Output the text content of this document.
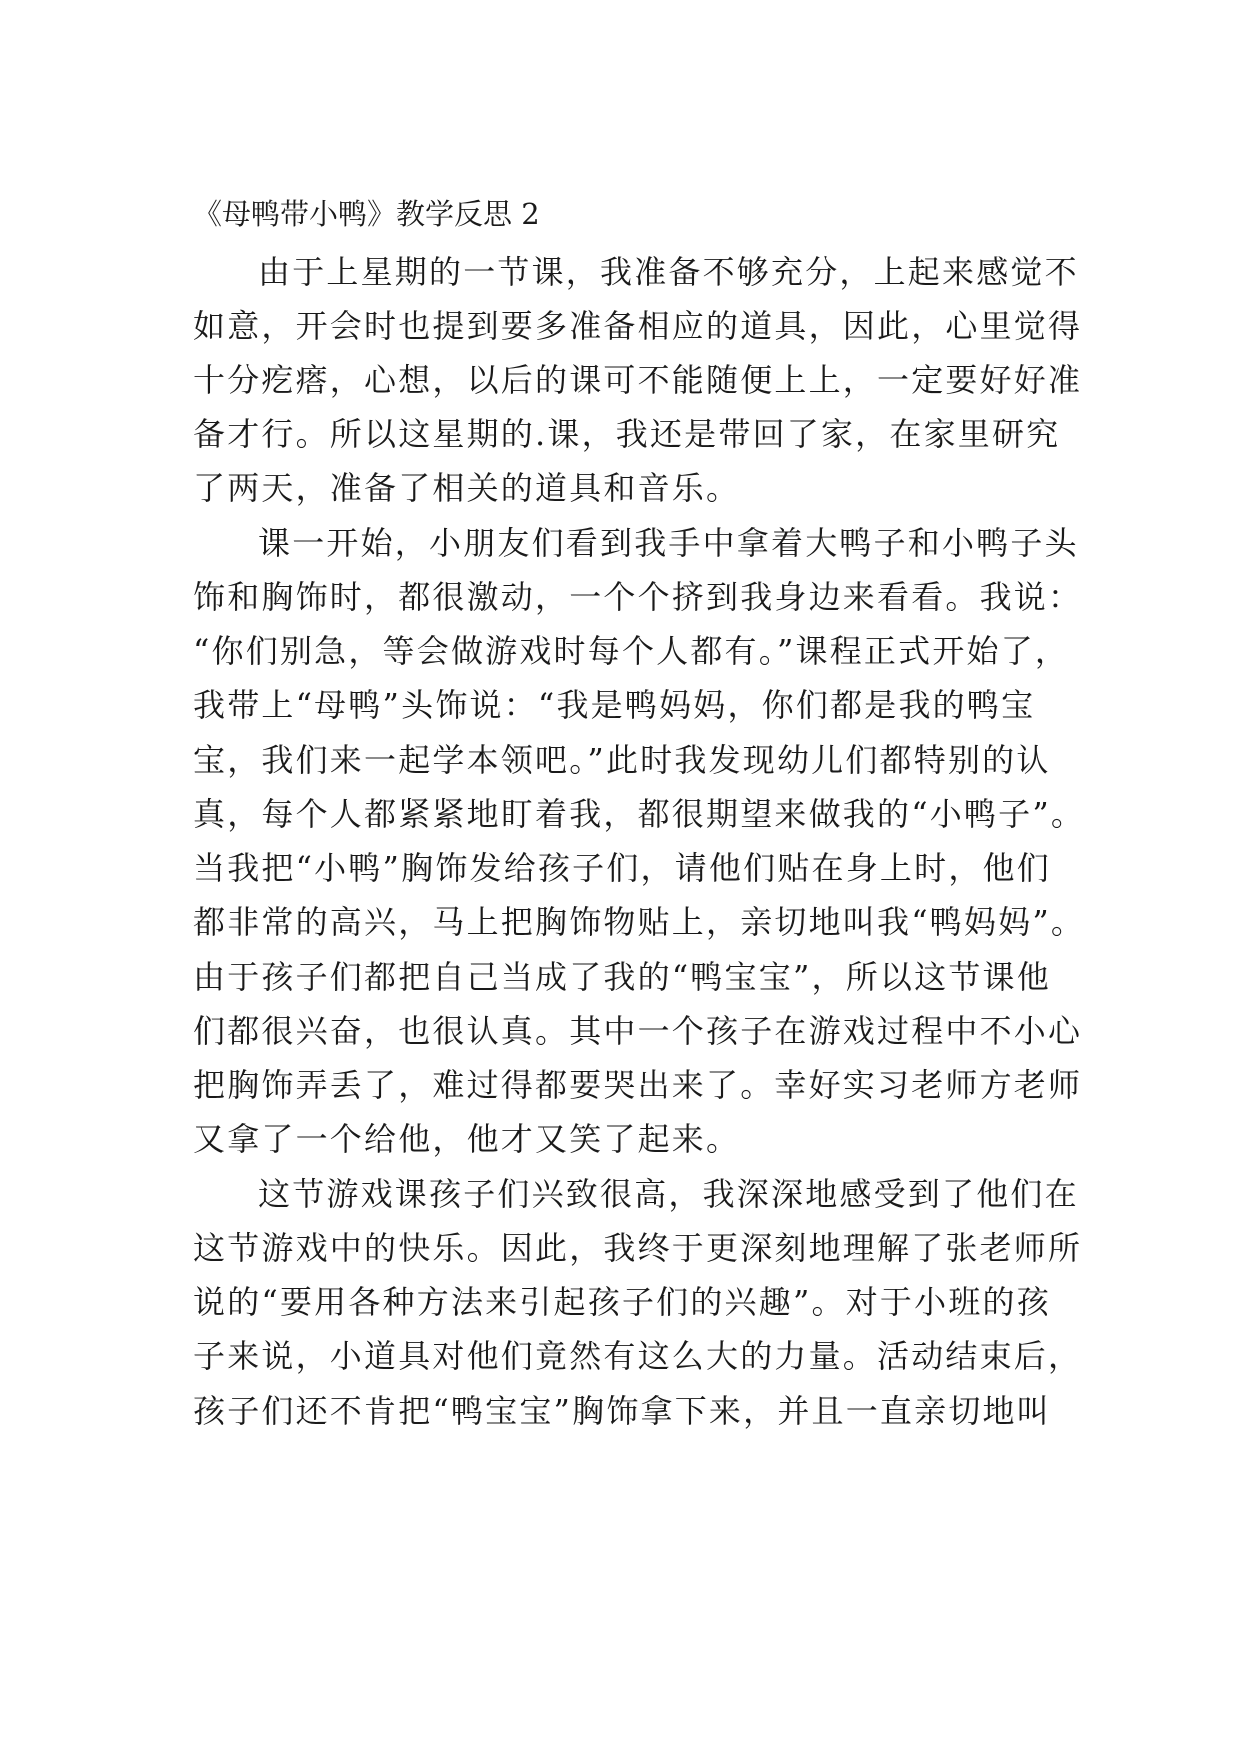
《母鸭带小鸭》教学反思 2

由于上星期的一节课，我准备不够充分，上起来感觉不

如意，开会时也提到要多准备相应的道具，因此，心里觉得

十分疙瘩，心想，以后的课可不能随便上上，一定要好好准

备才行。所以这星期的.课，我还是带回了家，在家里研究

了两天，准备了相关的道具和音乐。

课一开始，小朋友们看到我手中拿着大鸭子和小鸭子头

饰和胸饰时，都很激动，一个个挤到我身边来看看。我说：

“你们别急，等会做游戏时每个人都有。”课程正式开始了，

我带上“母鸭”头饰说：“我是鸭妈妈，你们都是我的鸭宝

宝，我们来一起学本领吧。”此时我发现幼儿们都特别的认

真，每个人都紧紧地盯着我，都很期望来做我的“小鸭子”。

当我把“小鸭”胸饰发给孩子们，请他们贴在身上时，他们

都非常的高兴，马上把胸饰物贴上，亲切地叫我“鸭妈妈”。

由于孩子们都把自己当成了我的“鸭宝宝”，所以这节课他

们都很兴奋，也很认真。其中一个孩子在游戏过程中不小心

把胸饰弄丢了，难过得都要哭出来了。幸好实习老师方老师

又拿了一个给他，他才又笑了起来。

这节游戏课孩子们兴致很高，我深深地感受到了他们在

这节游戏中的快乐。因此，我终于更深刻地理解了张老师所

说的“要用各种方法来引起孩子们的兴趣”。对于小班的孩

子来说，小道具对他们竟然有这么大的力量。活动结束后，

孩子们还不肯把“鸭宝宝”胸饰拿下来，并且一直亲切地叫
